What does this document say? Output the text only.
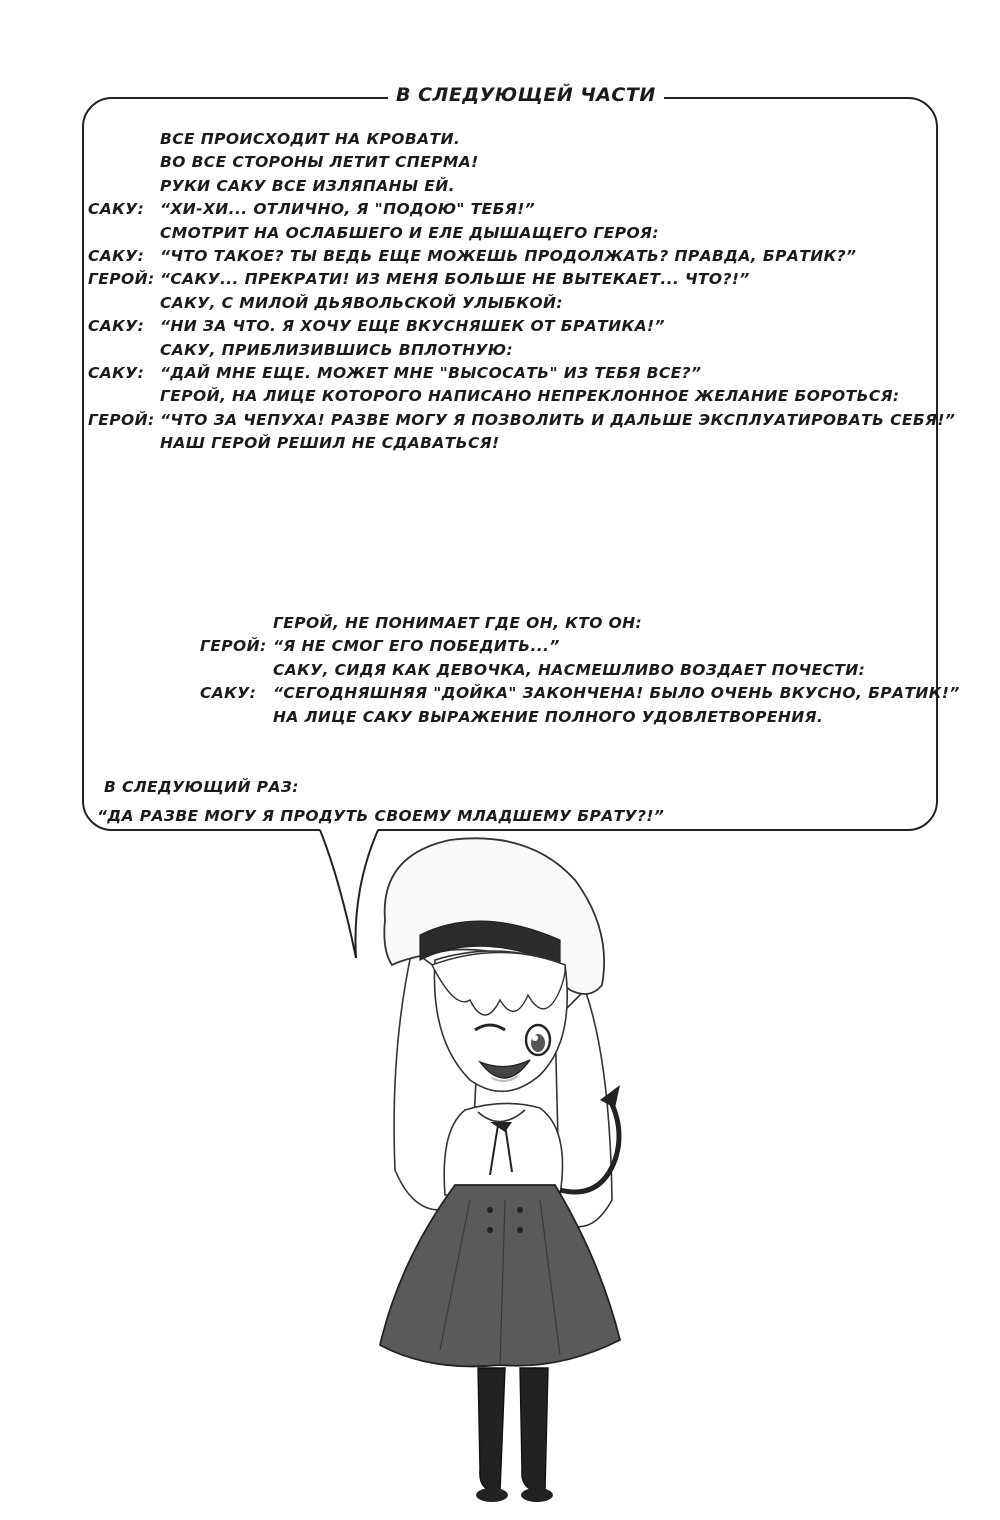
В СЛЕДУЮЩЕЙ ЧАСТИ
ВСЕ ПРОИСХОДИТ НА КРОВАТИ.
ВО ВСЕ СТОРОНЫ ЛЕТИТ СПЕРМА!
РУКИ САКУ ВСЕ ИЗЛЯПАНЫ ЕЙ.
САКУ: “ХИ-ХИ... ОТЛИЧНО, Я "ПОДОЮ" ТЕБЯ!”
СМОТРИТ НА ОСЛАБШЕГО И ЕЛЕ ДЫШАЩЕГО ГЕРОЯ:
САКУ: “ЧТО ТАКОЕ? ТЫ ВЕДЬ ЕЩЕ МОЖЕШЬ ПРОДОЛЖАТЬ? ПРАВДА, БРАТИК?”
ГЕРОЙ: “САКУ... ПРЕКРАТИ! ИЗ МЕНЯ БОЛЬШЕ НЕ ВЫТЕКАЕТ... ЧТО?!”
САКУ, С МИЛОЙ ДЬЯВОЛЬСКОЙ УЛЫБКОЙ:
САКУ: “НИ ЗА ЧТО. Я ХОЧУ ЕЩЕ ВКУСНЯШЕК ОТ БРАТИКА!”
САКУ, ПРИБЛИЗИВШИСЬ ВПЛОТНУЮ:
САКУ: “ДАЙ МНЕ ЕЩЕ. МОЖЕТ МНЕ "ВЫСОСАТЬ" ИЗ ТЕБЯ ВСЕ?”
ГЕРОЙ, НА ЛИЦЕ КОТОРОГО НАПИСАНО НЕПРЕКЛОННОЕ ЖЕЛАНИЕ БОРОТЬСЯ:
ГЕРОЙ: “ЧТО ЗА ЧЕПУХА! РАЗВЕ МОГУ Я ПОЗВОЛИТЬ И ДАЛЬШЕ ЭКСПЛУАТИРОВАТЬ СЕБЯ!”
НАШ ГЕРОЙ РЕШИЛ НЕ СДАВАТЬСЯ!
ГЕРОЙ, НЕ ПОНИМАЕТ ГДЕ ОН, КТО ОН:
ГЕРОЙ: “Я НЕ СМОГ ЕГО ПОБЕДИТЬ...”
САКУ, СИДЯ КАК ДЕВОЧКА, НАСМЕШЛИВО ВОЗДАЕТ ПОЧЕСТИ:
САКУ: “СЕГОДНЯШНЯЯ "ДОЙКА" ЗАКОНЧЕНА! БЫЛО ОЧЕНЬ ВКУСНО, БРАТИК!”
НА ЛИЦЕ САКУ ВЫРАЖЕНИЕ ПОЛНОГО УДОВЛЕТВОРЕНИЯ.
В СЛЕДУЮЩИЙ РАЗ:
“ДА РАЗВЕ МОГУ Я ПРОДУТЬ СВОЕМУ МЛАДШЕМУ БРАТУ?!”
